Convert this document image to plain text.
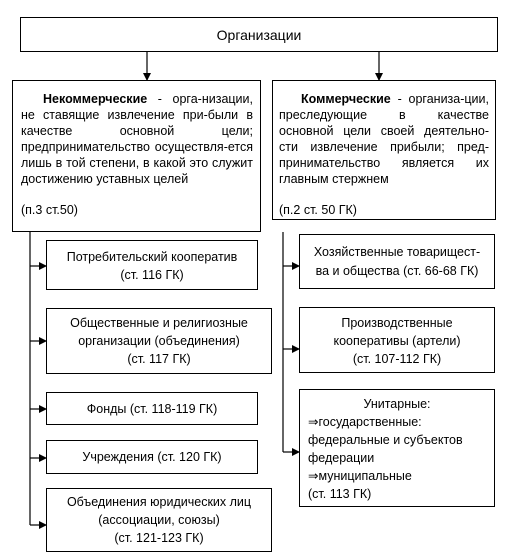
Организации
Некоммерческие - орга-низации, не ставящие извлечение при-были в качестве основной цели; предпринимательство осуществля-ется лишь в той степени, в какой это служит достижению уставных целей
(п.3 ст.50)
Коммерческие - организа-ции, преследующие в качестве основной цели своей деятельно-сти извлечение прибыли; пред-принимательство является их главным стержнем
(п.2 ст. 50 ГК)
Потребительский кооператив
(ст. 116 ГК)
Общественные и религиозные
организации (объединения)
(ст. 117 ГК)
Фонды (ст. 118-119 ГК)
Учреждения (ст. 120 ГК)
Объединения юридических лиц
(ассоциации, союзы)
(ст. 121-123 ГК)
Хозяйственные товарищест-
ва и общества (ст. 66-68 ГК)
Производственные
кооперативы (артели)
(ст. 107-112 ГК)
Унитарные:
⇒государственные:
федеральные и субъектов
федерации
⇒муниципальные
(ст. 113 ГК)
